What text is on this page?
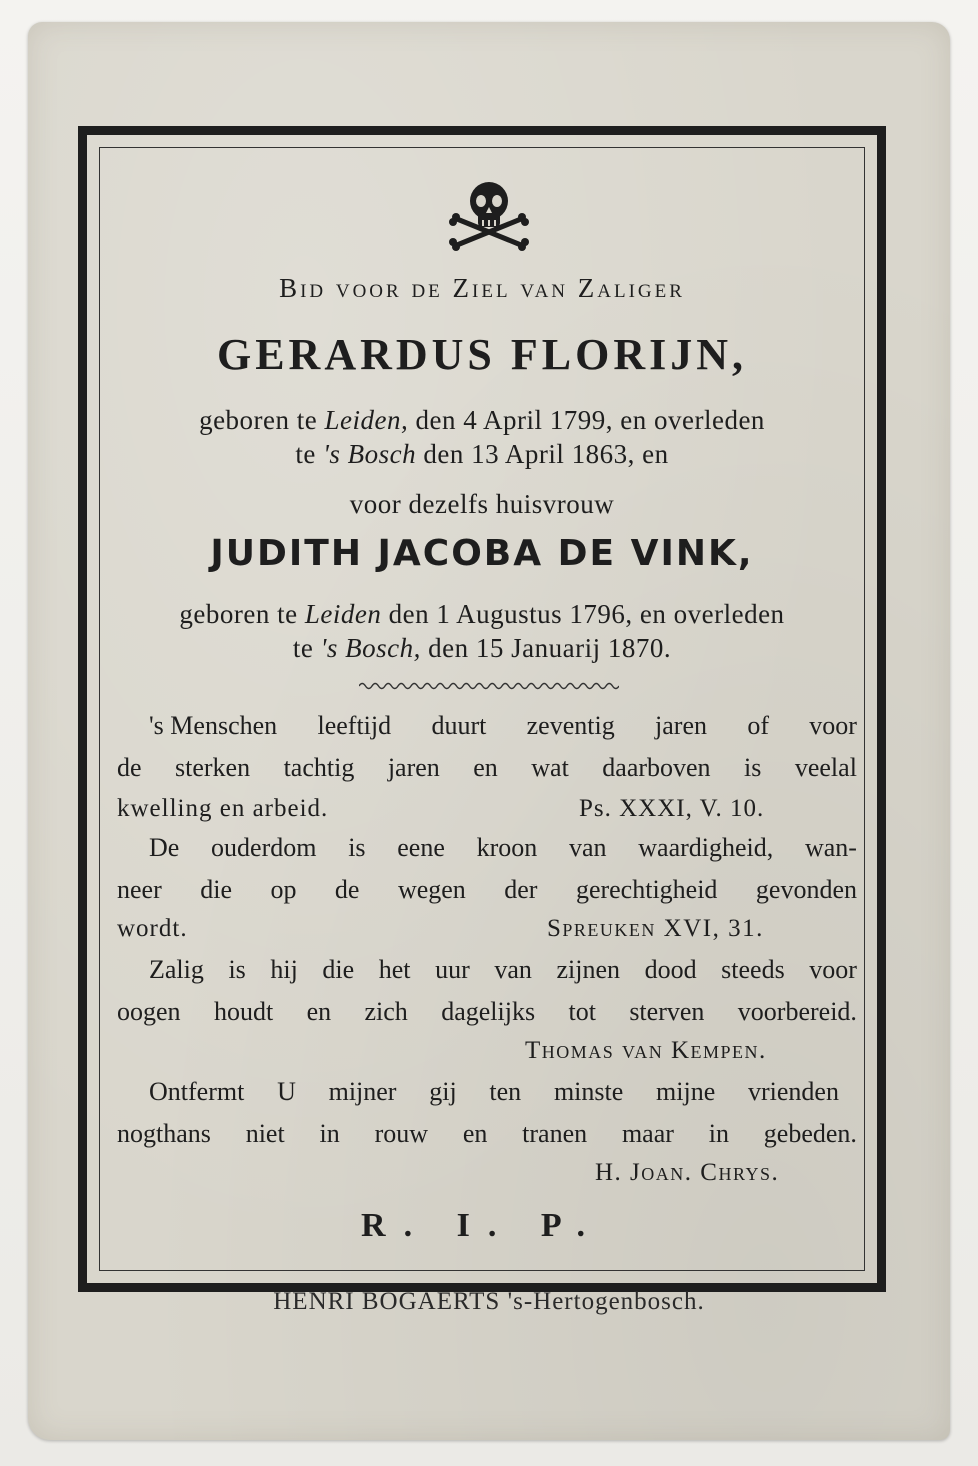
Bid voor de Ziel van Zaliger
GERARDUS FLORIJN,
geboren te Leiden, den 4 April 1799, en overleden
te 's Bosch den 13 April 1863, en
voor dezelfs huisvrouw
JUDITH JACOBA DE VINK,
geboren te Leiden den 1 Augustus 1796, en overleden
te 's Bosch, den 15 Januarij 1870.
's Menschen leeftijd duurt zeventig jaren of voor
de sterken tachtig jaren en wat daarboven is veelal
kwelling en arbeid.	Ps. XXXI, V. 10.
De ouderdom is eene kroon van waardigheid, wan-
neer die op de wegen der gerechtigheid gevonden
wordt.	Spreuken XVI, 31.
Zalig is hij die het uur van zijnen dood steeds voor
oogen houdt en zich dagelijks tot sterven voorbereid.
Thomas van Kempen.
Ontfermt U mijner gij ten minste mijne vrienden
nogthans niet in rouw en tranen maar in gebeden.
H. Joan. Chrys.
R. I. P.
HENRI BOGAERTS 's-Hertogenbosch.
